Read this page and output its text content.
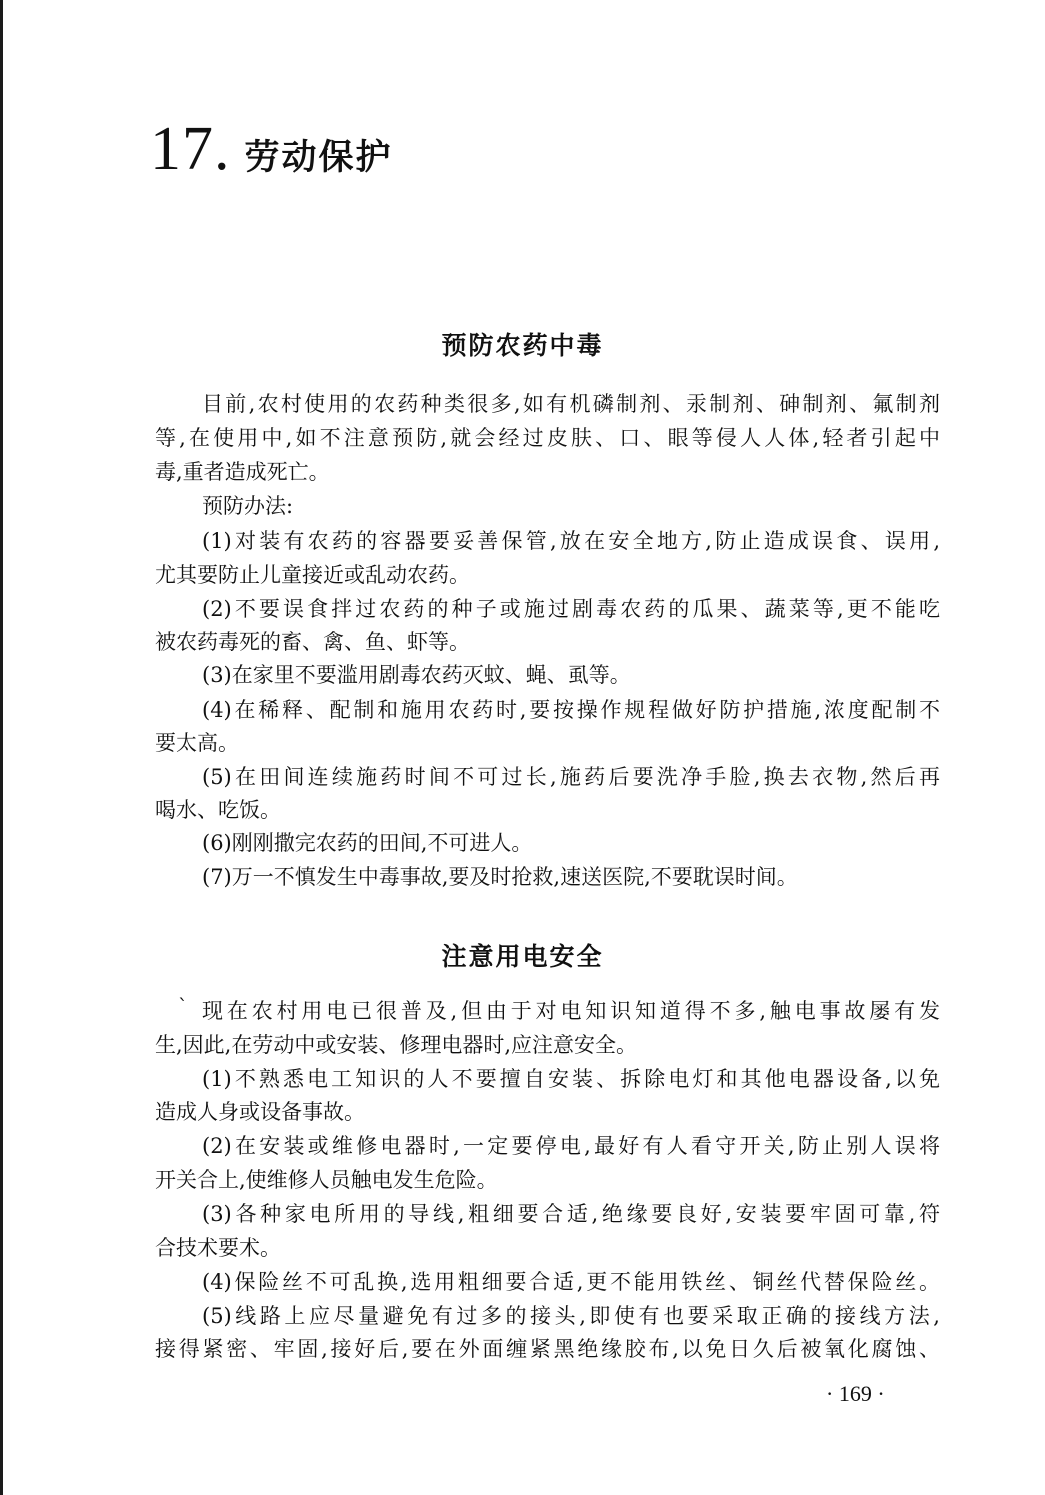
17. 劳动保护
预防农药中毒
目前,农村使用的农药种类很多,如有机磷制剂、汞制剂、砷制剂、氟制剂
等,在使用中,如不注意预防,就会经过皮肤、口、眼等侵人人体,轻者引起中
毒,重者造成死亡。
预防办法:
(1)对装有农药的容器要妥善保管,放在安全地方,防止造成误食、误用,
尤其要防止儿童接近或乱动农药。
(2)不要误食拌过农药的种子或施过剧毒农药的瓜果、蔬菜等,更不能吃
被农药毒死的畜、禽、鱼、虾等。
(3)在家里不要滥用剧毒农药灭蚊、蝇、虱等。
(4)在稀释、配制和施用农药时,要按操作规程做好防护措施,浓度配制不
要太高。
(5)在田间连续施药时间不可过长,施药后要洗净手脸,换去衣物,然后再
喝水、吃饭。
(6)刚刚撒完农药的田间,不可进人。
(7)万一不慎发生中毒事故,要及时抢救,速送医院,不要耽误时间。
注意用电安全
` 现在农村用电已很普及,但由于对电知识知道得不多,触电事故屡有发
生,因此,在劳动中或安装、修理电器时,应注意安全。
(1)不熟悉电工知识的人不要擅自安装、拆除电灯和其他电器设备,以免
造成人身或设备事故。
(2)在安装或维修电器时,一定要停电,最好有人看守开关,防止别人误将
开关合上,使维修人员触电发生危险。
(3)各种家电所用的导线,粗细要合适,绝缘要良好,安装要牢固可靠,符
合技术要术。
(4)保险丝不可乱换,选用粗细要合适,更不能用铁丝、铜丝代替保险丝。
(5)线路上应尽量避免有过多的接头,即使有也要采取正确的接线方法,
接得紧密、牢固,接好后,要在外面缠紧黑绝缘胶布,以免日久后被氧化腐蚀、
· 169 ·
